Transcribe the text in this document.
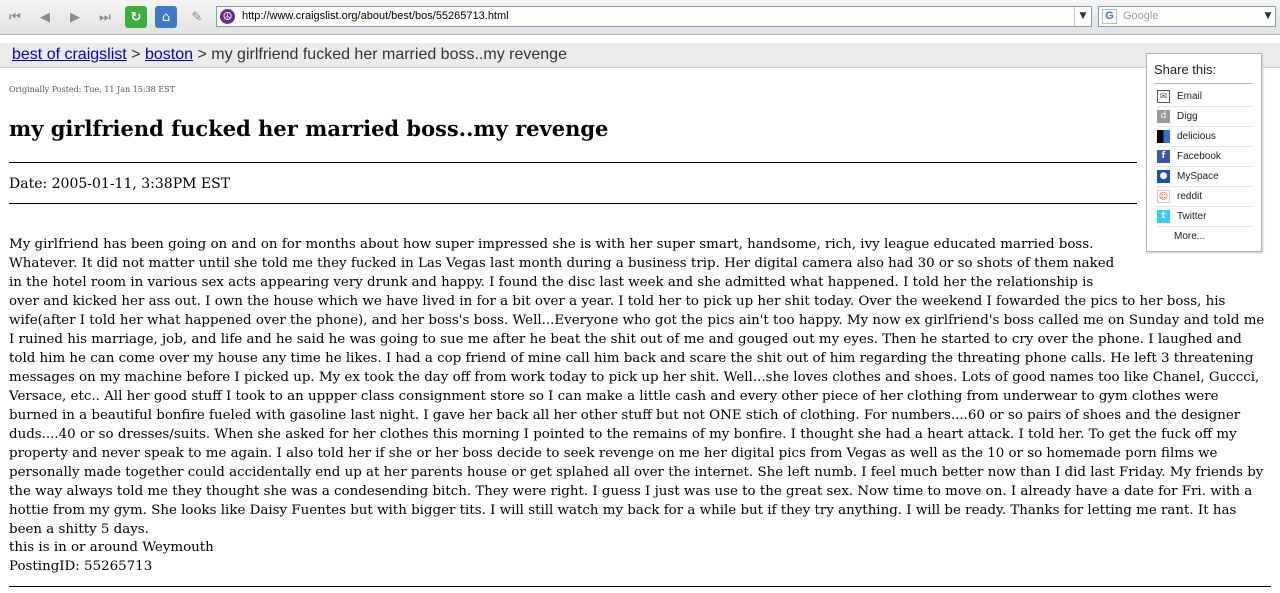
⏮	◀	▶	⏭	↻	⌂	✎	☮ http://www.craigslist.org/about/best/bos/55265713.html	▼	G Google	▼
best of craigslist > boston > my girlfriend fucked her married boss..my revenge
Originally Posted: Tue, 11 Jan 15:38 EST
my girlfriend fucked her married boss..my revenge
Date: 2005-01-11, 3:38PM EST

My girlfriend has been going on and on for months about how super impressed she is with her super smart, handsome, rich, ivy league educated married boss. Whatever. It did not matter until she told me they fucked in Las Vegas last month during a business trip. Her digital camera also had 30 or so shots of them naked in the hotel room in various sex acts appearing very drunk and happy. I found the disc last week and she admitted what happened. I told her the relationship is over and kicked her ass out. I own the house which we have lived in for a bit over a year. I told her to pick up her shit today. Over the weekend I fowarded the pics to her boss, his wife(after I told her what happened over the phone), and her boss's boss. Well...Everyone who got the pics ain't too happy. My now ex girlfriend's boss called me on Sunday and told me I ruined his marriage, job, and life and he said he was going to sue me after he beat the shit out of me and gouged out my eyes. Then he started to cry over the phone. I laughed and told him he can come over my house any time he likes. I had a cop friend of mine call him back and scare the shit out of him regarding the threating phone calls. He left 3 threatening messages on my machine before I picked up. My ex took the day off from work today to pick up her shit. Well...she loves clothes and shoes. Lots of good names too like Chanel, Guccci, Versace, etc.. All her good stuff I took to an uppper class consignment store so I can make a little cash and every other piece of her clothing from underwear to gym clothes were burned in a beautiful bonfire fueled with gasoline last night. I gave her back all her other stuff but not ONE stich of clothing. For numbers....60 or so pairs of shoes and the designer duds....40 or so dresses/suits. When she asked for her clothes this morning I pointed to the remains of my bonfire. I thought she had a heart attack. I told her. To get the fuck off my property and never speak to me again. I also told her if she or her boss decide to seek revenge on me her digital pics from Vegas as well as the 10 or so homemade porn films we personally made together could accidentally end up at her parents house or get splahed all over the internet. She left numb. I feel much better now than I did last Friday. My friends by the way always told me they thought she was a condesending bitch. They were right. I guess I just was use to the great sex. Now time to move on. I already have a date for Fri. with a hottie from my gym. She looks like Daisy Fuentes but with bigger tits. I will still watch my back for a while but if they try anything. I will be ready. Thanks for letting me rant. It has been a shitty 5 days.

this is in or around Weymouth
PostingID: 55265713
Share this:
✉ Email
d	Digg
delicious
f	Facebook
● MySpace
☺ reddit
t	Twitter
More...
